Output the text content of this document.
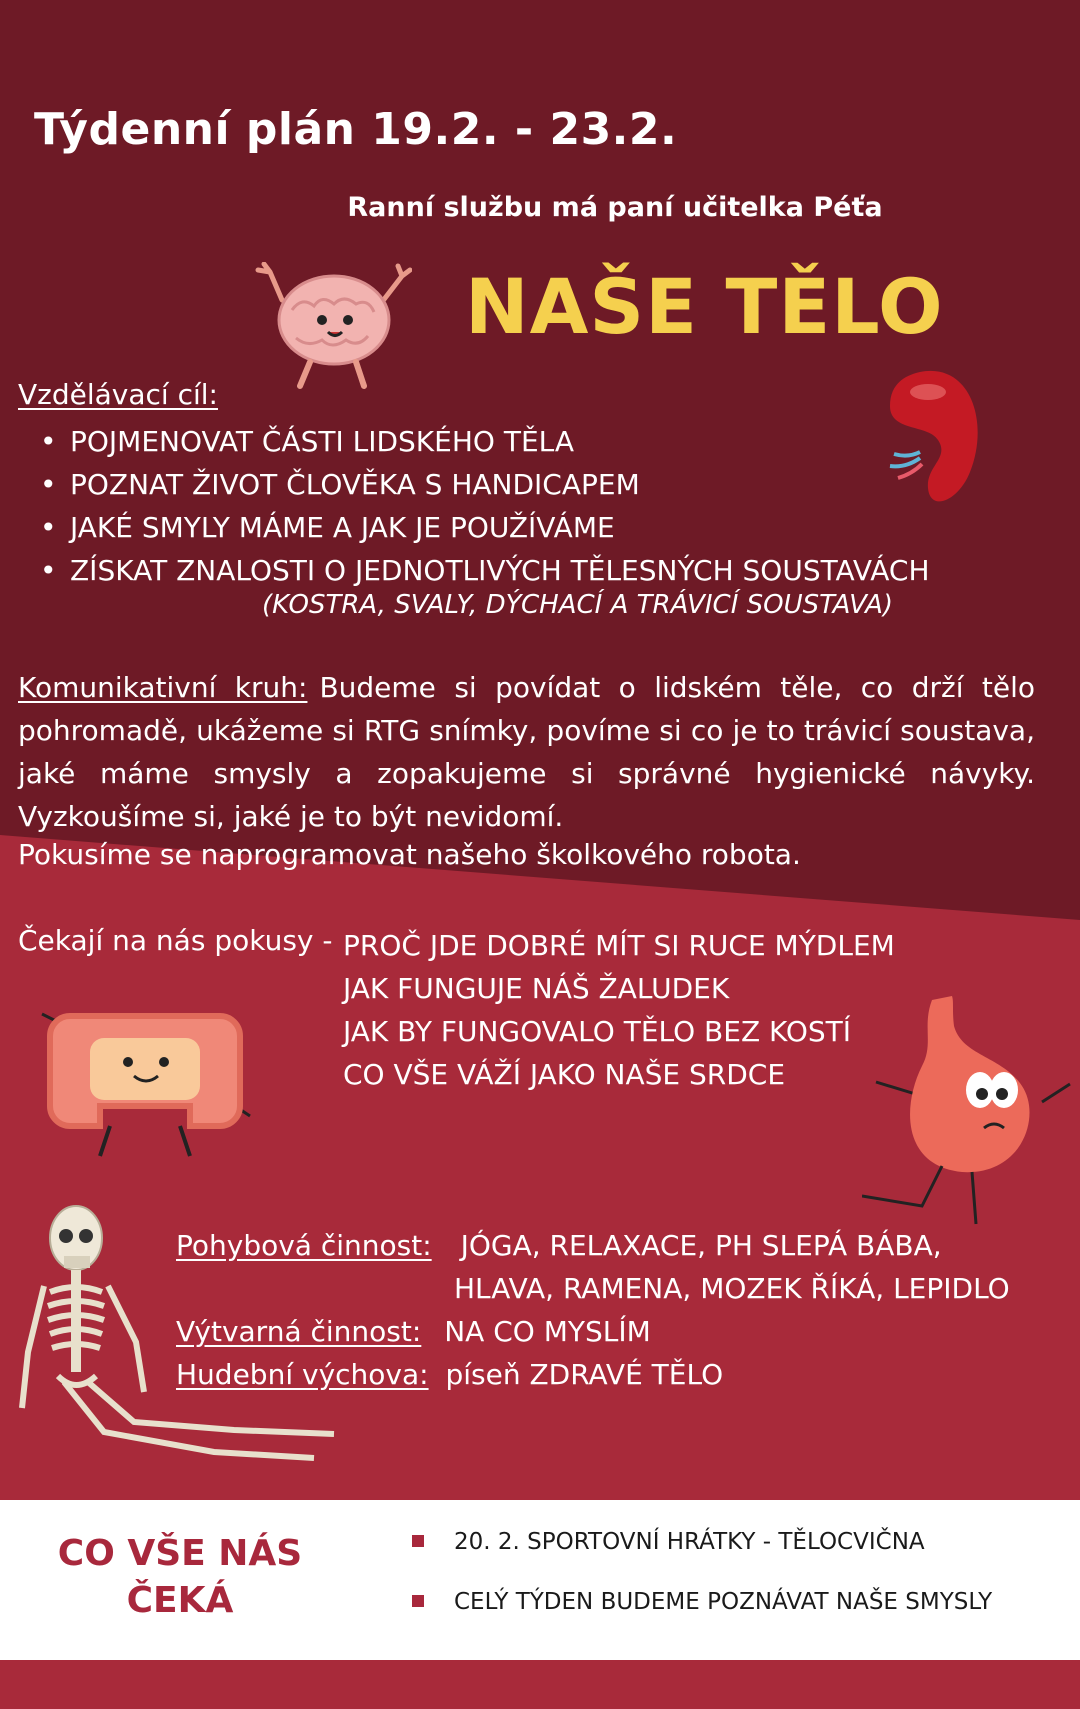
Týdenní plán 19.2. - 23.2.
Ranní službu má paní učitelka Péťa
NAŠE TĚLO
Vzdělávací cíl:
• POJMENOVAT ČÁSTI LIDSKÉHO TĚLA
• POZNAT ŽIVOT ČLOVĚKA S HANDICAPEM
• JAKÉ SMYLY MÁME A JAK JE POUŽÍVÁME
• ZÍSKAT ZNALOSTI O JEDNOTLIVÝCH TĚLESNÝCH SOUSTAVÁCH
(KOSTRA, SVALY, DÝCHACÍ A TRÁVICÍ SOUSTAVA)
Komunikativní kruh: Budeme si povídat o lidském těle, co drží tělo pohromadě, ukážeme si RTG snímky, povíme si co je to trávicí soustava, jaké máme smysly a zopakujeme si správné hygienické návyky. Vyzkoušíme si, jaké je to být nevidomí.
Pokusíme se naprogramovat našeho školkového robota.
Čekají na nás pokusy - PROČ JDE DOBRÉ MÍT SI RUCE MÝDLEM
JAK FUNGUJE NÁŠ ŽALUDEK
JAK BY FUNGOVALO TĚLO BEZ KOSTÍ
CO VŠE VÁŽÍ JAKO NAŠE SRDCE
Pohybová činnost: JÓGA, RELAXACE, PH SLEPÁ BÁBA,
HLAVA, RAMENA, MOZEK ŘÍKÁ, LEPIDLO
Výtvarná činnost: NA CO MYSLÍM
Hudební výchova: píseň ZDRAVÉ TĚLO
CO VŠE NÁS
ČEKÁ
20. 2. SPORTOVNÍ HRÁTKY - TĚLOCVIČNA
CELÝ TÝDEN BUDEME POZNÁVAT NAŠE SMYSLY
